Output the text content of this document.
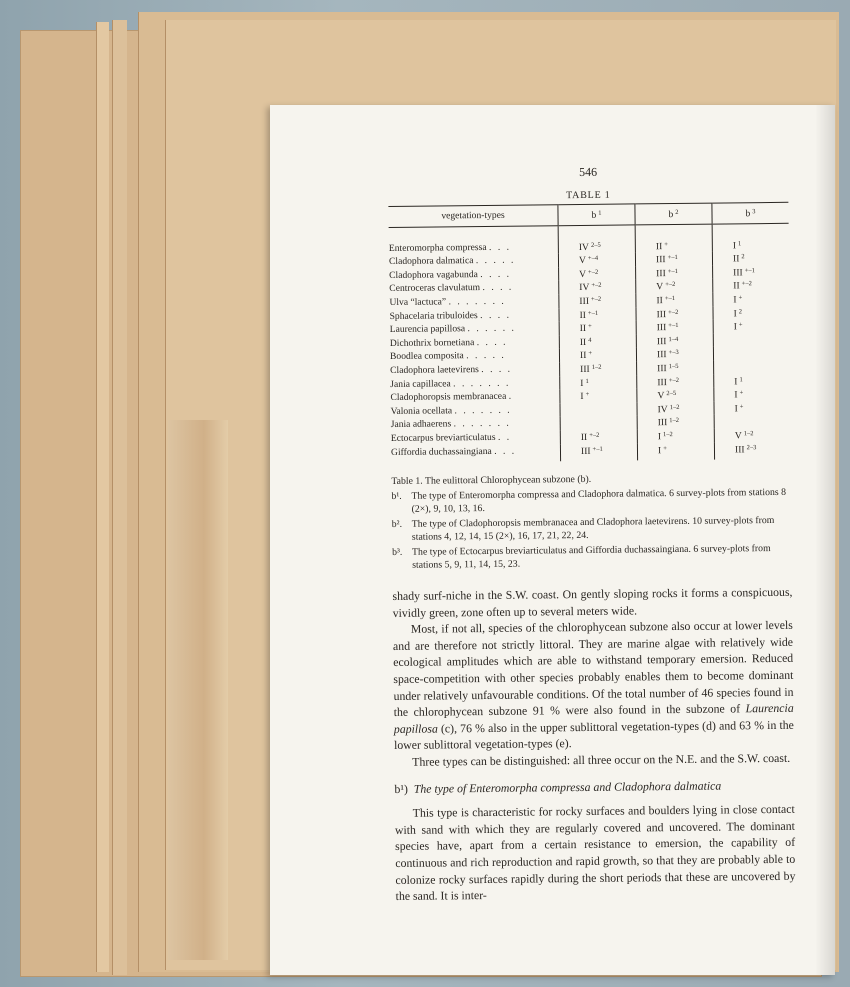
546
TABLE 1
vegetation-types	b $^1$	b $^2$	b $^3$
Enteromorpha compressa . . .	IV $^{2-5}$	II +	I $^1$
Cladophora dalmatica . . . . .	V $^{+-4}$	III $^{+-1}$	II $^2$
Cladophora vagabunda . . . .	V $^{+-2}$	III $^{+-1}$	III $^{+-1}$
Centroceras clavulatum . . . .	IV $^{+-2}$	V $^{+-2}$	II $^{+-2}$
Ulva “lactuca” . . . . . . .	III $^{+-2}$	II $^{+-1}$	I +
Sphacelaria tribuloides . . . .	II $^{+-1}$	III $^{+-2}$	I $^2$
Laurencia papillosa . . . . . .	II +	III $^{+-1}$	I +
Dichothrix bornetiana . . . .	II $^4$	III $^{1-4}$	
Boodlea composita . . . . .	II +	III $^{+-3}$	
Cladophora laetevirens . . . .	III $^{1-2}$	III $^{1-5}$	
Jania capillacea . . . . . . .	I $^1$	III $^{+-2}$	I $^1$
Cladophoropsis membranacea .	I +	V $^{2-5}$	I +
Valonia ocellata . . . . . . .		IV $^{1-2}$	I +
Jania adhaerens . . . . . . .		III $^{1-2}$	
Ectocarpus breviarticulatus . .	II $^{+-2}$	I $^{1-2}$	V $^{1-2}$
Giffordia duchassaingiana . . .	III $^{+-1}$	I +	III $^{2-3}$

Table 1. The eulittoral Chlorophycean subzone (b).

b¹. The type of Enteromorpha compressa and Cladophora dalmatica. 6 survey-plots from stations 8 (2×), 9, 10, 13, 16.
b². The type of Cladophoropsis membranacea and Cladophora laetevirens. 10 survey-plots from stations 4, 12, 14, 15 (2×), 16, 17, 21, 22, 24.
b³. The type of Ectocarpus breviarticulatus and Giffordia duchassaingiana. 6 survey-plots from stations 5, 9, 11, 14, 15, 23.

shady surf-niche in the S.W. coast. On gently sloping rocks it forms a conspicuous, vividly green, zone often up to several meters wide.

Most, if not all, species of the chlorophycean subzone also occur at lower levels and are therefore not strictly littoral. They are marine algae with relatively wide ecological amplitudes which are able to withstand temporary emersion. Reduced space-competition with other species probably enables them to become dominant under relatively unfavourable conditions. Of the total number of 46 species found in the chlorophycean subzone 91 % were also found in the subzone of Laurencia papillosa (c), 76 % also in the upper sublittoral vegetation-types (d) and 63 % in the lower sublittoral vegetation-types (e).

Three types can be distinguished: all three occur on the N.E. and the S.W. coast.

b¹) The type of Enteromorpha compressa and Cladophora dalmatica

This type is characteristic for rocky surfaces and boulders lying in close contact with sand with which they are regularly covered and uncovered. The dominant species have, apart from a certain resistance to emersion, the capability of continuous and rich reproduction and rapid growth, so that they are probably able to colonize rocky surfaces rapidly during the short periods that these are uncovered by the sand. It is inter-
